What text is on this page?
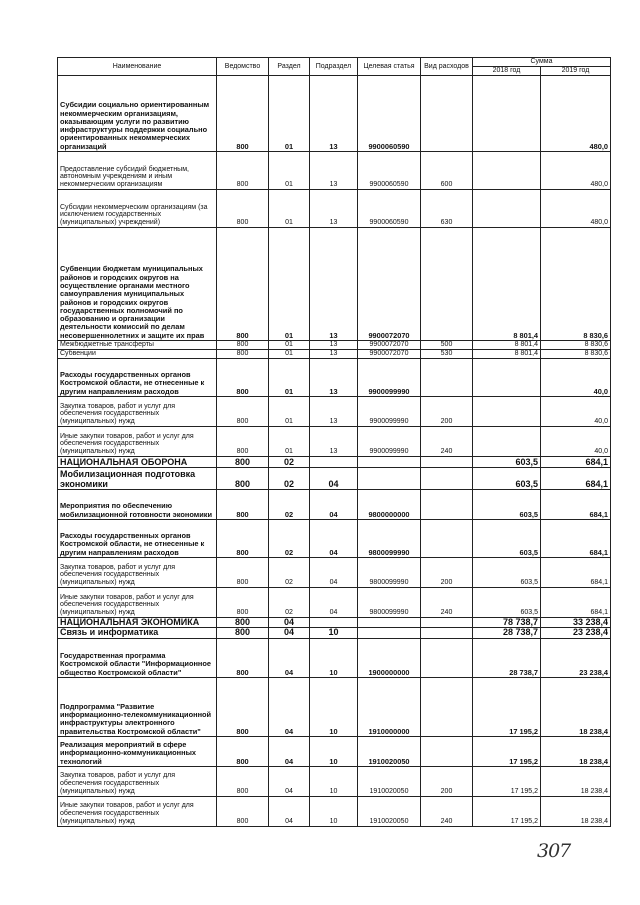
Наименование	Ведомство	Раздел	Подраздел	Целевая статья	Вид расходов	Сумма	
						2018 год	2019 год
Субсидии социально ориентированным некоммерческим организациям, оказывающим услуги по развитию инфраструктуры поддержки социально ориентированных некоммерческих организаций	800	01	13	9900060590			480,0
Предоставление субсидий бюджетным, автономным учреждениям и иным некоммерческим организациям	800	01	13	9900060590	600		480,0
Субсидии некоммерческим организациям (за исключением государственных (муниципальных) учреждений)	800	01	13	9900060590	630		480,0
Субвенции бюджетам муниципальных районов и городских округов на осуществление органами местного самоуправления муниципальных районов и городских округов государственных полномочий по образованию и организации деятельности комиссий по делам несовершеннолетних и защите их прав	800	01	13	9900072070		8 801,4	8 830,6
Межбюджетные трансферты	800	01	13	9900072070	500	8 801,4	8 830,6
Субвенции	800	01	13	9900072070	530	8 801,4	8 830,6
Расходы государственных органов Костромской области, не отнесенные к другим направлениям расходов	800	01	13	9900099990			40,0
Закупка товаров, работ и услуг для обеспечения государственных (муниципальных) нужд	800	01	13	9900099990	200		40,0
Иные закупки товаров, работ и услуг для обеспечения государственных (муниципальных) нужд	800	01	13	9900099990	240		40,0
НАЦИОНАЛЬНАЯ ОБОРОНА	800	02				603,5	684,1
Мобилизационная подготовка экономики	800	02	04			603,5	684,1
Мероприятия по обеспечению мобилизационной готовности экономики	800	02	04	9800000000		603,5	684,1
Расходы государственных органов Костромской области, не отнесенные к другим направлениям расходов	800	02	04	9800099990		603,5	684,1
Закупка товаров, работ и услуг для обеспечения государственных (муниципальных) нужд	800	02	04	9800099990	200	603,5	684,1
Иные закупки товаров, работ и услуг для обеспечения государственных (муниципальных) нужд	800	02	04	9800099990	240	603,5	684,1
НАЦИОНАЛЬНАЯ ЭКОНОМИКА	800	04				78 738,7	33 238,4
Связь и информатика	800	04	10			28 738,7	23 238,4
Государственная программа Костромской области "Информационное общество Костромской области"	800	04	10	1900000000		28 738,7	23 238,4
Подпрограмма "Развитие информационно-телекоммуникационной инфраструктуры электронного правительства Костромской области"	800	04	10	1910000000		17 195,2	18 238,4
Реализация мероприятий в сфере информационно-коммуникационных технологий	800	04	10	1910020050		17 195,2	18 238,4
Закупка товаров, работ и услуг для обеспечения государственных (муниципальных) нужд	800	04	10	1910020050	200	17 195,2	18 238,4
Иные закупки товаров, работ и услуг для обеспечения государственных (муниципальных) нужд	800	04	10	1910020050	240	17 195,2	18 238,4
307
